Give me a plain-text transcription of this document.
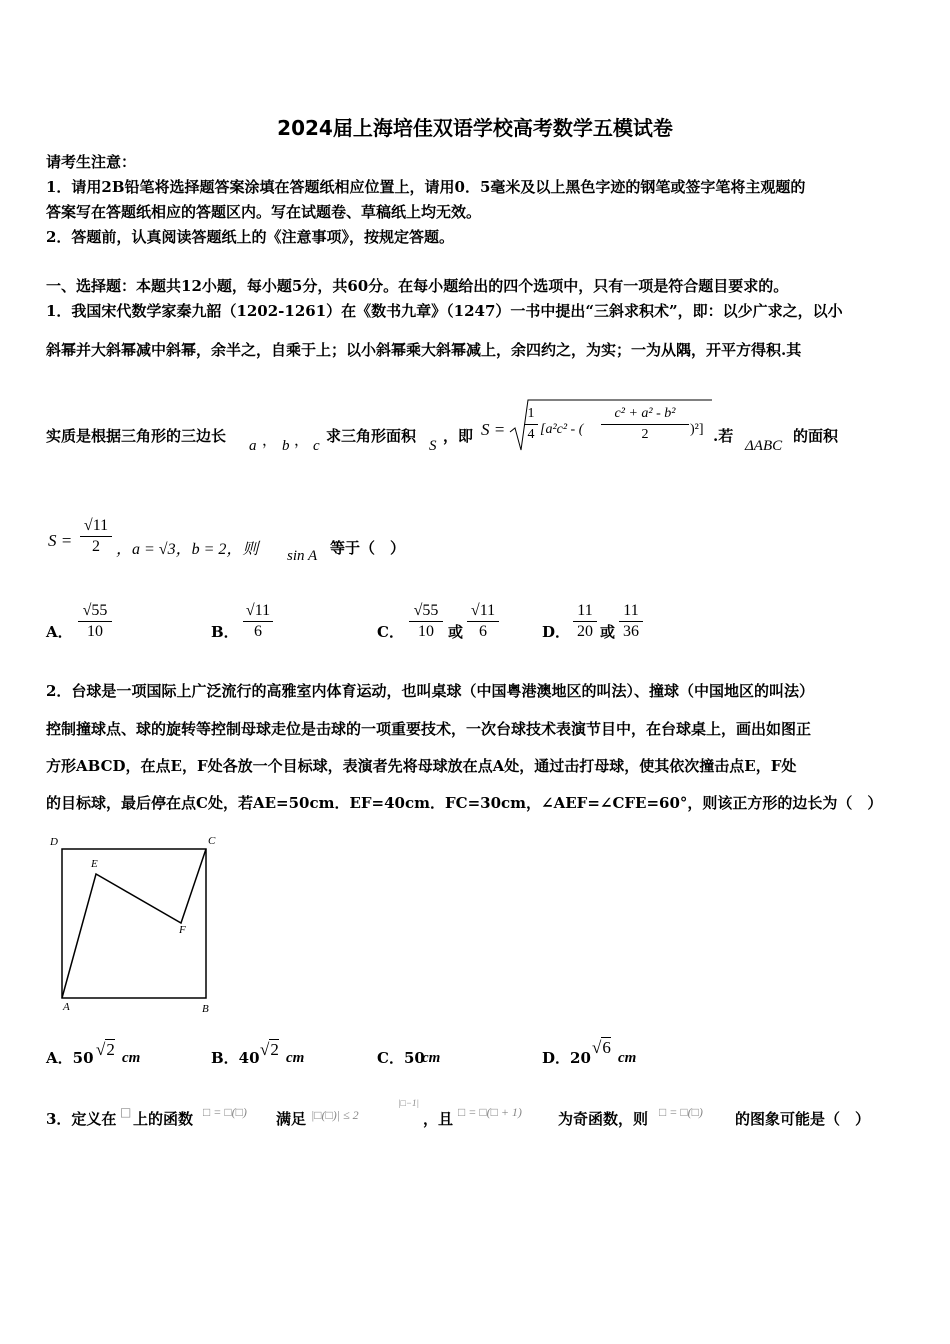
2024届上海培佳双语学校高考数学五模试卷
请考生注意：
1．请用2B铅笔将选择题答案涂填在答题纸相应位置上，请用0．5毫米及以上黑色字迹的钢笔或签字笔将主观题的
答案写在答题纸相应的答题区内。写在试题卷、草稿纸上均无效。
2．答题前，认真阅读答题纸上的《注意事项》，按规定答题。
一、选择题：本题共12小题，每小题5分，共60分。在每小题给出的四个选项中，只有一项是符合题目要求的。
1．我国宋代数学家秦九韶（1202-1261）在《数书九章》（1247）一书中提出“三斜求积术”，即：以少广求之，以小
斜幂并大斜幂减中斜幂，余半之，自乘于上；以小斜幂乘大斜幂减上，余四约之，为实；一为从隅，开平方得积.其
实质是根据三角形的三边长
a ， b ， c
求三角形面积
S
，即 $S = \frac{1}{4} [a^2c^2$ - ( $\frac{\text{c² + a² - b²}}{2} )^2$] .若
ΔABC
的面积
$S = \frac{√11}{2}$ ，a = √3，b = 2，则 sin A 等于（　）
A． $\frac{√55}{10}$	B． $\frac{√11}{6}$	C． $\frac{√55}{10}$ 或 $\frac{√11}{6}$	D． $\frac{11}{20}$ 或 $\frac{11}{36}$
2．台球是一项国际上广泛流行的高雅室内体育运动，也叫桌球（中国粤港澳地区的叫法）、撞球（中国地区的叫法）
控制撞球点、球的旋转等控制母球走位是击球的一项重要技术，一次台球技术表演节目中，在台球桌上，画出如图正
方形ABCD，在点E，F处各放一个目标球，表演者先将母球放在点A处，通过击打母球，使其依次撞击点E，F处
的目标球，最后停在点C处，若AE=50cm．EF=40cm．FC=30cm，∠AEF=∠CFE=60°，则该正方形的边长为（　）
D	C
E
F
A	B
A．50 √2 cm	B．40 √2 cm	C．50
cm	D．20
√6
cm
3．定义在 □ 上的函数 □ = □(□) 满足 |□(□)| ≤ 2
|□−1|
，且 □ = □(□ + 1) 为奇函数，则 □ = □(□) 的图象可能是（　）
